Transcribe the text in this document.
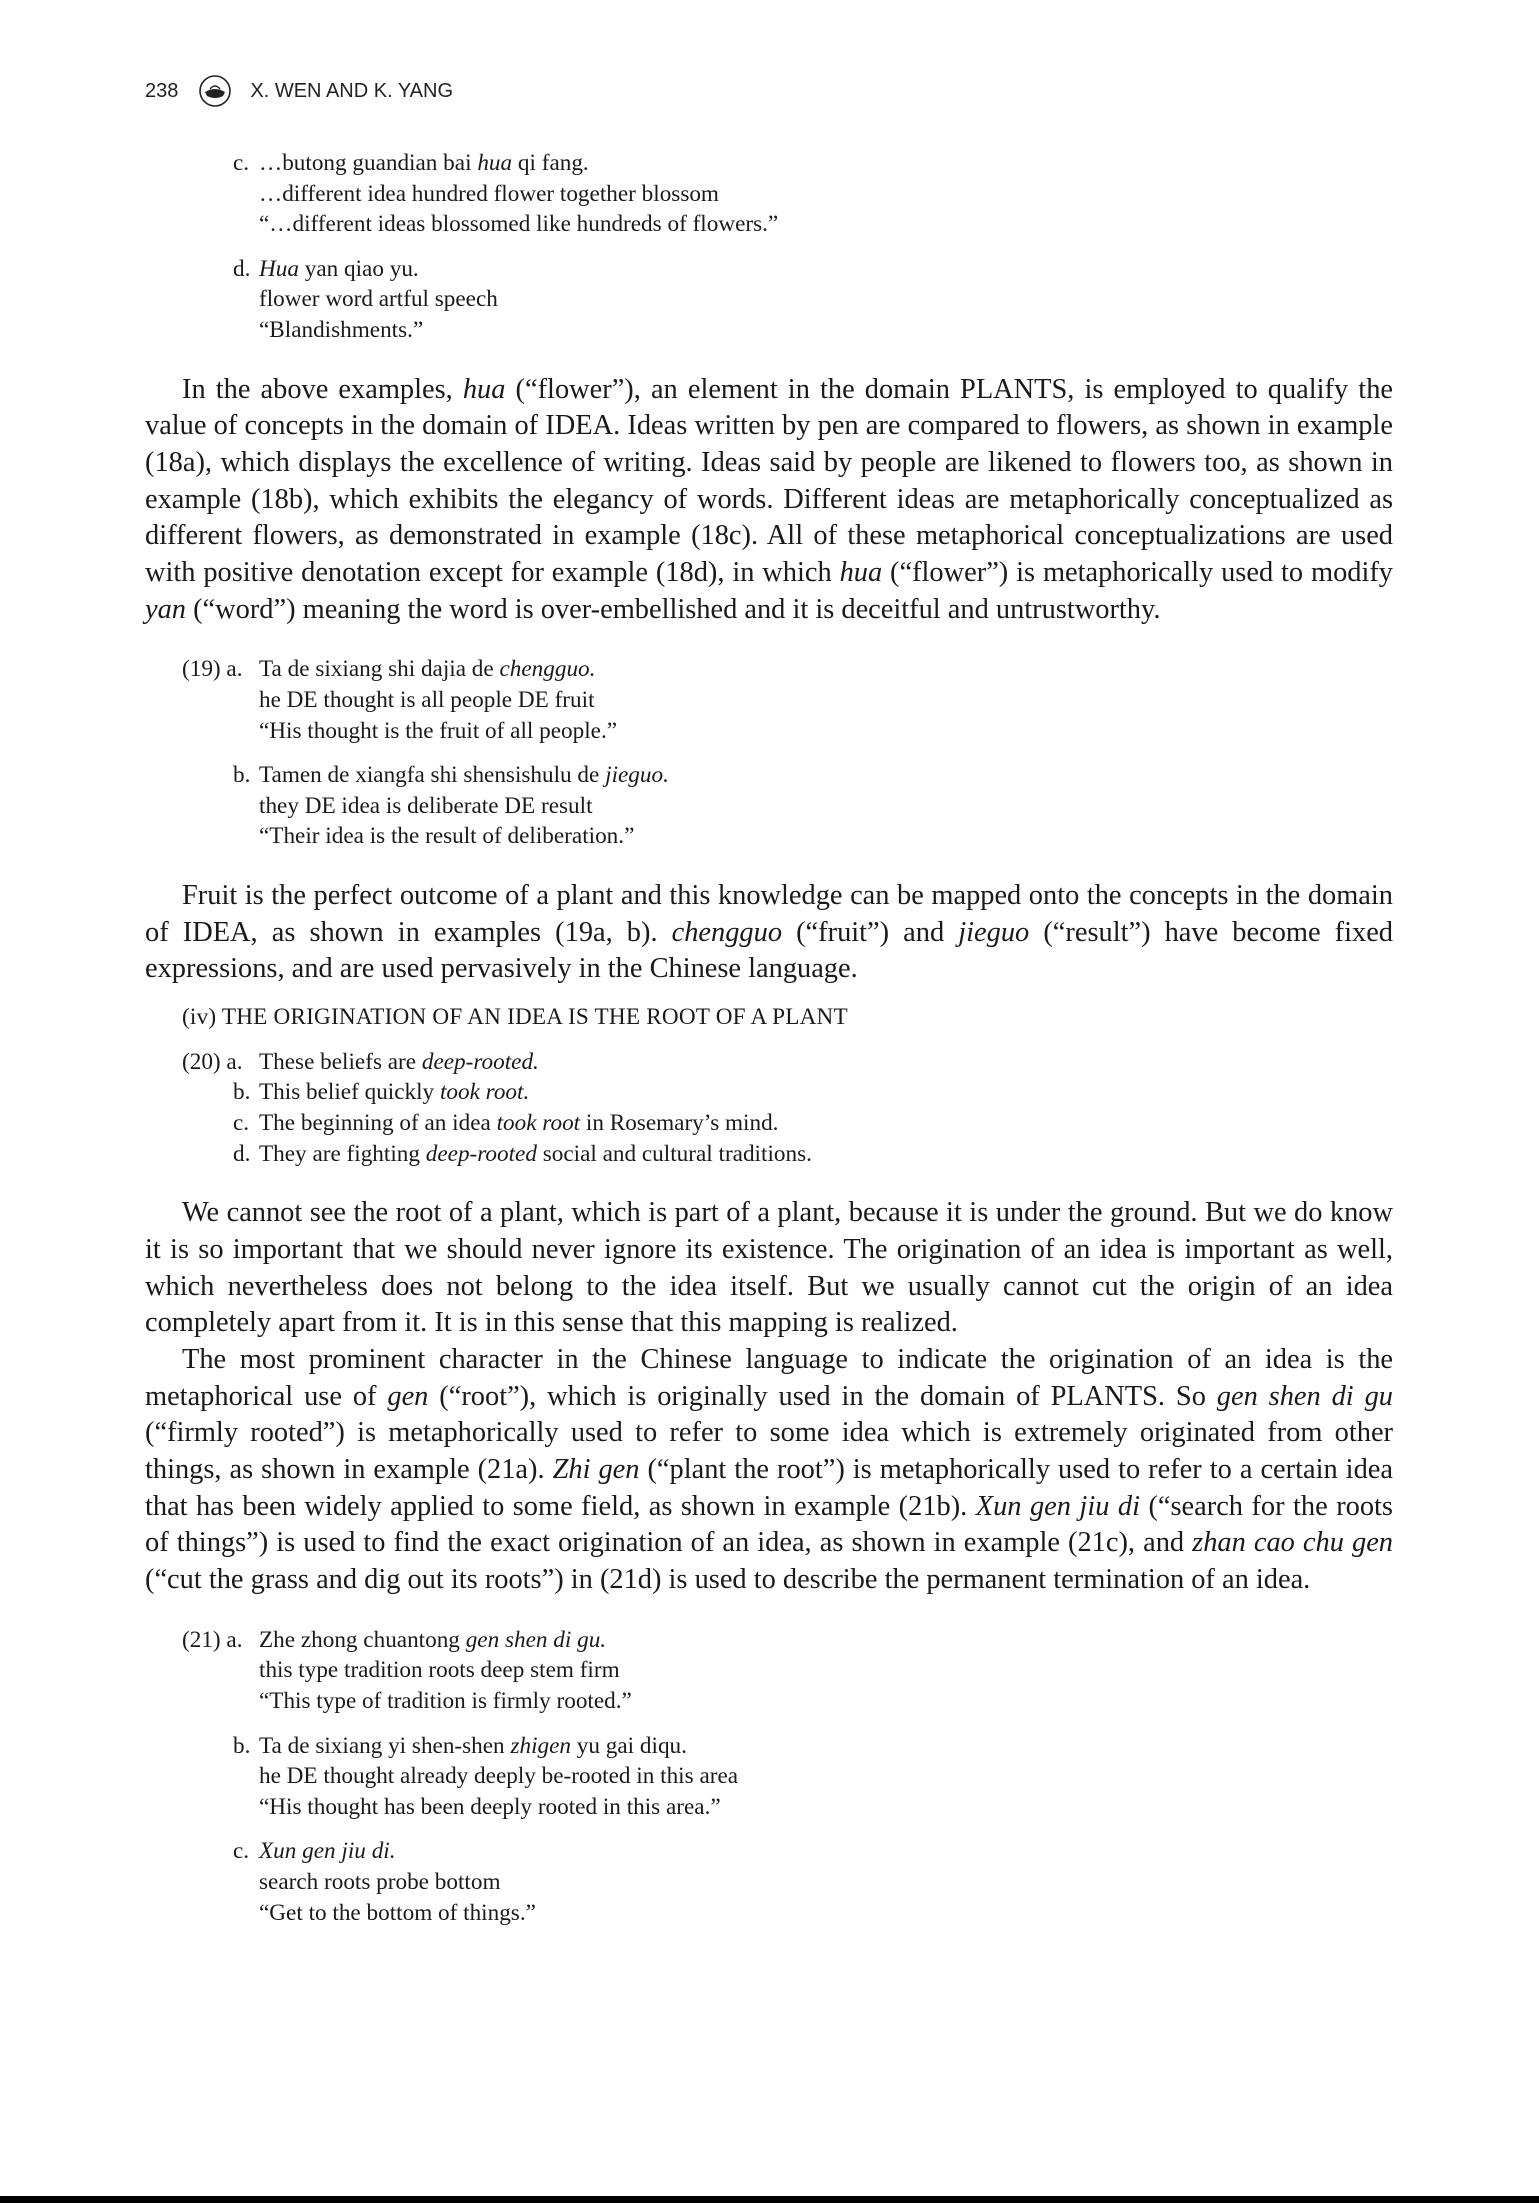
238	X. WEN AND K. YANG
c. …butong guandian bai hua qi fang.
…different idea hundred flower together blossom
“…different ideas blossomed like hundreds of flowers.”
d. Hua yan qiao yu.
flower word artful speech
“Blandishments.”

In the above examples, hua (“flower”), an element in the domain PLANTS, is employed to qualify the value of concepts in the domain of IDEA. Ideas written by pen are compared to flowers, as shown in example (18a), which displays the excellence of writing. Ideas said by people are likened to flowers too, as shown in example (18b), which exhibits the elegancy of words. Different ideas are metaphorically conceptualized as different flowers, as demonstrated in example (18c). All of these metaphorical conceptualizations are used with positive denotation except for example (18d), in which hua (“flower”) is metaphorically used to modify yan (“word”) meaning the word is over-embellished and it is deceitful and untrustworthy.

(19) a. Ta de sixiang shi dajia de chengguo.
he DE thought is all people DE fruit
“His thought is the fruit of all people.”
b. Tamen de xiangfa shi shensishulu de jieguo.
they DE idea is deliberate DE result
“Their idea is the result of deliberation.”

Fruit is the perfect outcome of a plant and this knowledge can be mapped onto the concepts in the domain of IDEA, as shown in examples (19a, b). chengguo (“fruit”) and jieguo (“result”) have become fixed expressions, and are used pervasively in the Chinese language.

(iv) THE ORIGINATION OF AN IDEA IS THE ROOT OF A PLANT
(20) a. These beliefs are deep-rooted.
b. This belief quickly took root.
c. The beginning of an idea took root in Rosemary’s mind.
d. They are fighting deep-rooted social and cultural traditions.

We cannot see the root of a plant, which is part of a plant, because it is under the ground. But we do know it is so important that we should never ignore its existence. The origination of an idea is important as well, which nevertheless does not belong to the idea itself. But we usually cannot cut the origin of an idea completely apart from it. It is in this sense that this mapping is realized.

The most prominent character in the Chinese language to indicate the origination of an idea is the metaphorical use of gen (“root”), which is originally used in the domain of PLANTS. So gen shen di gu (“firmly rooted”) is metaphorically used to refer to some idea which is extremely originated from other things, as shown in example (21a). Zhi gen (“plant the root”) is metaphorically used to refer to a certain idea that has been widely applied to some field, as shown in example (21b). Xun gen jiu di (“search for the roots of things”) is used to find the exact origination of an idea, as shown in example (21c), and zhan cao chu gen (“cut the grass and dig out its roots”) in (21d) is used to describe the permanent termination of an idea.

(21) a. Zhe zhong chuantong gen shen di gu.
this type tradition roots deep stem firm
“This type of tradition is firmly rooted.”
b. Ta de sixiang yi shen-shen zhigen yu gai diqu.
he DE thought already deeply be-rooted in this area
“His thought has been deeply rooted in this area.”
c. Xun gen jiu di.
search roots probe bottom
“Get to the bottom of things.”
